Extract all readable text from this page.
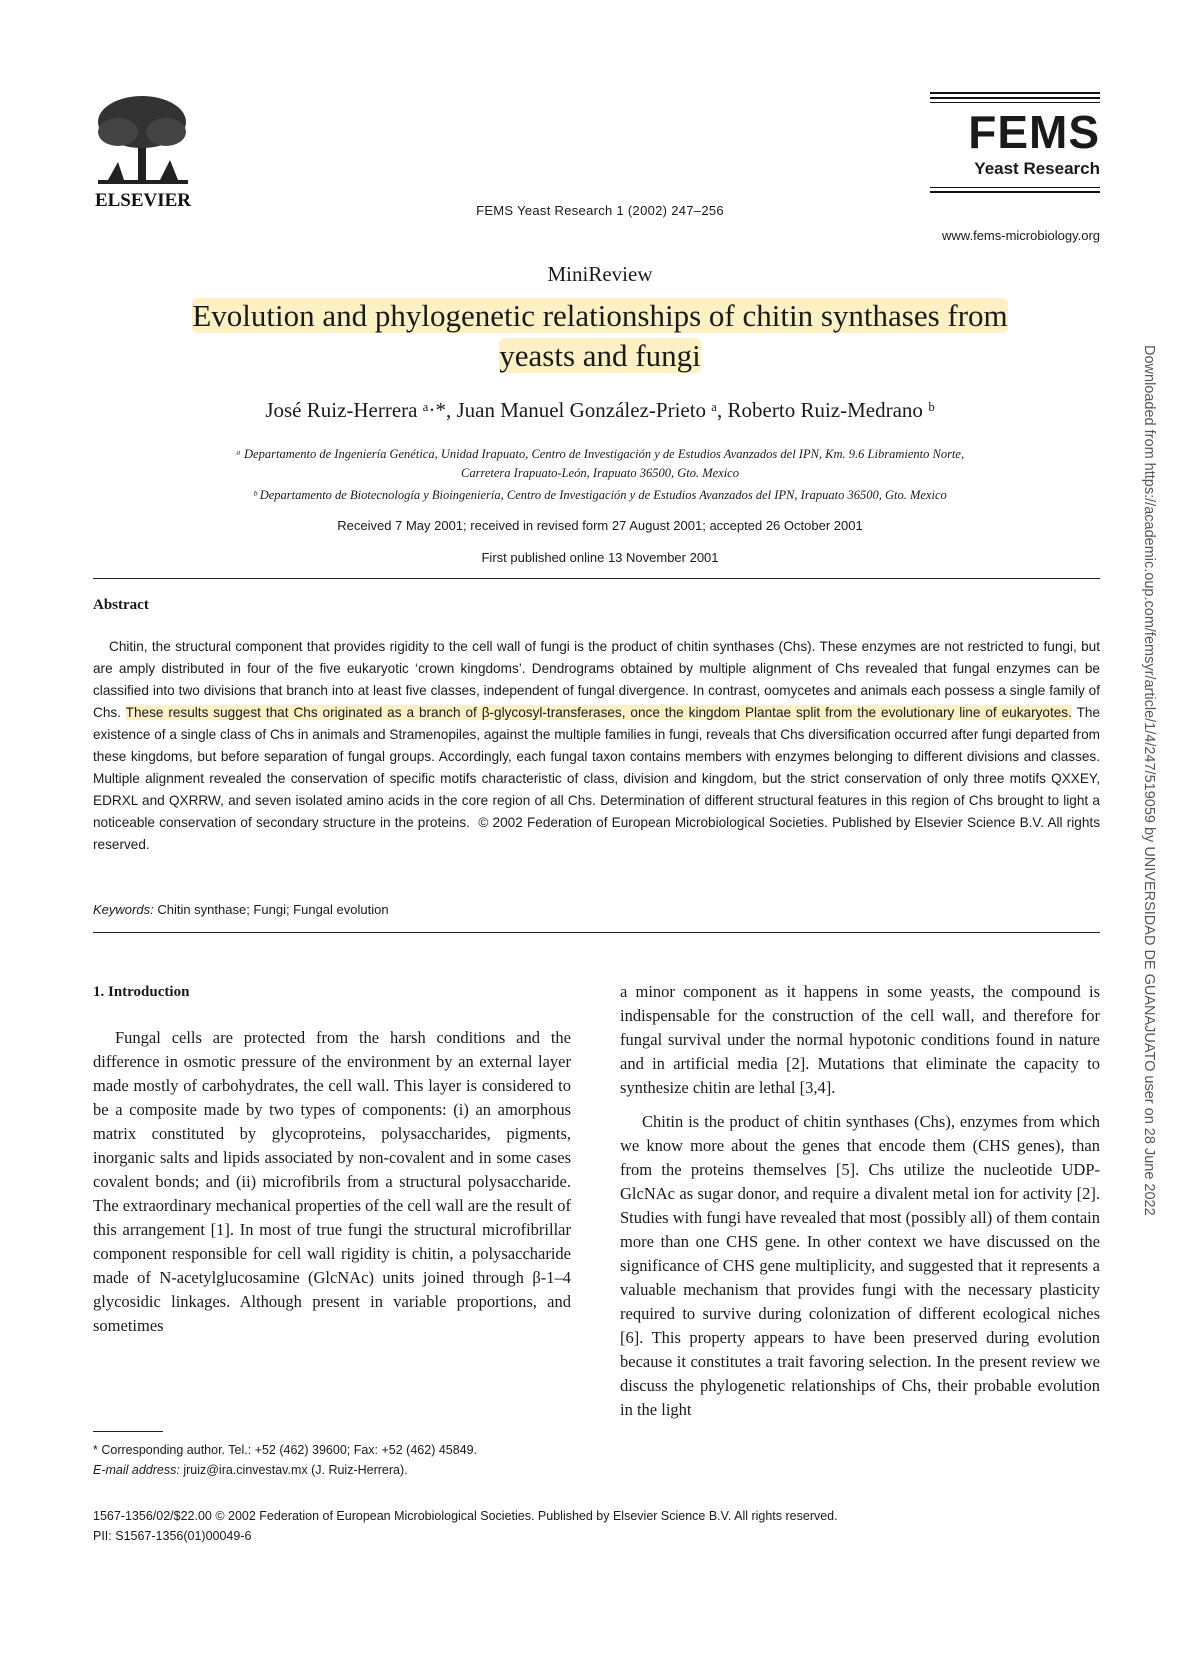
ELSEVIER	FEMS Yeast Research 1 (2002) 247–256
FEMS
Yeast Research
www.fems-microbiology.org
MiniReview
Evolution and phylogenetic relationships of chitin synthases from
yeasts and fungi
José Ruiz-Herrera ᵃ·*, Juan Manuel González-Prieto ᵃ, Roberto Ruiz-Medrano ᵇ
ᵃ Departamento de Ingeniería Genética, Unidad Irapuato, Centro de Investigación y de Estudios Avanzados del IPN, Km. 9.6 Libramiento Norte,
Carretera Irapuato-León, Irapuato 36500, Gto. Mexico
ᵇ Departamento de Biotecnología y Bioingeniería, Centro de Investigación y de Estudios Avanzados del IPN, Irapuato 36500, Gto. Mexico
Received 7 May 2001; received in revised form 27 August 2001; accepted 26 October 2001
First published online 13 November 2001
Abstract
Chitin, the structural component that provides rigidity to the cell wall of fungi is the product of chitin synthases (Chs). These enzymes are not restricted to fungi, but are amply distributed in four of the five eukaryotic ‘crown kingdoms’. Dendrograms obtained by multiple alignment of Chs revealed that fungal enzymes can be classified into two divisions that branch into at least five classes, independent of fungal divergence. In contrast, oomycetes and animals each possess a single family of Chs. These results suggest that Chs originated as a branch of β-glycosyl-transferases, once the kingdom Plantae split from the evolutionary line of eukaryotes. The existence of a single class of Chs in animals and Stramenopiles, against the multiple families in fungi, reveals that Chs diversification occurred after fungi departed from these kingdoms, but before separation of fungal groups. Accordingly, each fungal taxon contains members with enzymes belonging to different divisions and classes. Multiple alignment revealed the conservation of specific motifs characteristic of class, division and kingdom, but the strict conservation of only three motifs QXXEY, EDRXL and QXRRW, and seven isolated amino acids in the core region of all Chs. Determination of different structural features in this region of Chs brought to light a noticeable conservation of secondary structure in the proteins. © 2002 Federation of European Microbiological Societies. Published by Elsevier Science B.V. All rights reserved.
Keywords: Chitin synthase; Fungi; Fungal evolution
1. Introduction

Fungal cells are protected from the harsh conditions and the difference in osmotic pressure of the environment by an external layer made mostly of carbohydrates, the cell wall. This layer is considered to be a composite made by two types of components: (i) an amorphous matrix constituted by glycoproteins, polysaccharides, pigments, inorganic salts and lipids associated by non-covalent and in some cases covalent bonds; and (ii) microfibrils from a structural polysaccharide. The extraordinary mechanical properties of the cell wall are the result of this arrangement [1]. In most of true fungi the structural microfibrillar component responsible for cell wall rigidity is chitin, a polysaccharide made of N-acetylglucosamine (GlcNAc) units joined through β-1–4 glycosidic linkages. Although present in variable proportions, and sometimes

a minor component as it happens in some yeasts, the compound is indispensable for the construction of the cell wall, and therefore for fungal survival under the normal hypotonic conditions found in nature and in artificial media [2]. Mutations that eliminate the capacity to synthesize chitin are lethal [3,4].

Chitin is the product of chitin synthases (Chs), enzymes from which we know more about the genes that encode them (CHS genes), than from the proteins themselves [5]. Chs utilize the nucleotide UDP-GlcNAc as sugar donor, and require a divalent metal ion for activity [2]. Studies with fungi have revealed that most (possibly all) of them contain more than one CHS gene. In other context we have discussed on the significance of CHS gene multiplicity, and suggested that it represents a valuable mechanism that provides fungi with the necessary plasticity required to survive during colonization of different ecological niches [6]. This property appears to have been preserved during evolution because it constitutes a trait favoring selection. In the present review we discuss the phylogenetic relationships of Chs, their probable evolution in the light

* Corresponding author. Tel.: +52 (462) 39600; Fax: +52 (462) 45849.
E-mail address: jruiz@ira.cinvestav.mx (J. Ruiz-Herrera).
1567-1356/02/$22.00 © 2002 Federation of European Microbiological Societies. Published by Elsevier Science B.V. All rights reserved.
PII: S1567-1356(01)00049-6
Downloaded from https://academic.oup.com/femsyr/article/1/4/247/519059 by UNIVERSIDAD DE GUANAJUATO user on 28 June 2022
